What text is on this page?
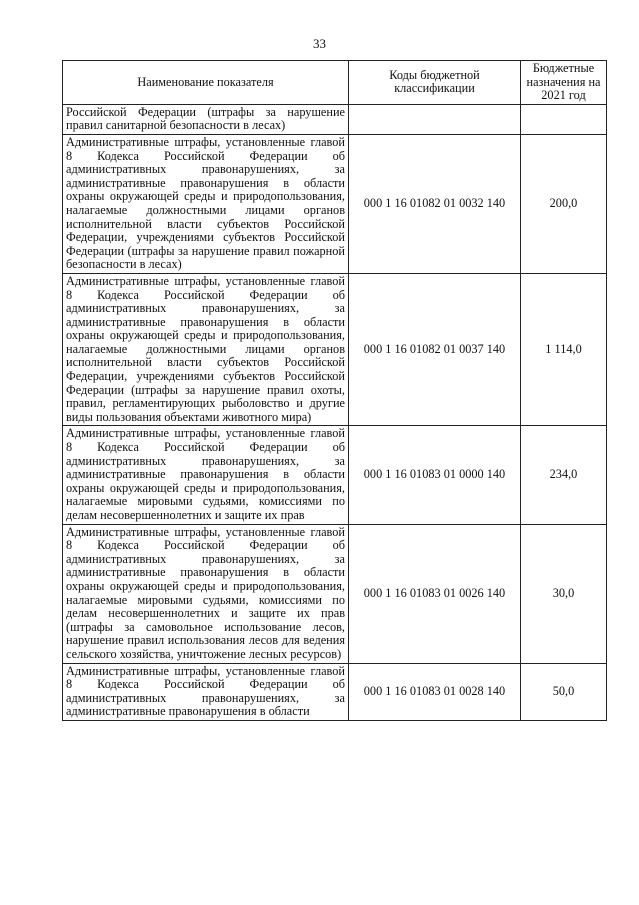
33
Наименование показателя	Коды бюджетной классификации	Бюджетные назначения на 2021 год
Российской Федерации (штрафы за нарушение правил санитарной безопасности в лесах)		
Административные штрафы, установленные главой 8 Кодекса Российской Федерации об административных правонарушениях, за административные правонарушения в области охраны окружающей среды и природопользования, налагаемые должностными лицами органов исполнительной власти субъектов Российской Федерации, учреждениями субъектов Российской Федерации (штрафы за нарушение правил пожарной безопасности в лесах)	000 1 16 01082 01 0032 140	200,0
Административные штрафы, установленные главой 8 Кодекса Российской Федерации об административных правонарушениях, за административные правонарушения в области охраны окружающей среды и природопользования, налагаемые должностными лицами органов исполнительной власти субъектов Российской Федерации, учреждениями субъектов Российской Федерации (штрафы за нарушение правил охоты, правил, регламентирующих рыболовство и другие виды пользования объектами животного мира)	000 1 16 01082 01 0037 140	1 114,0
Административные штрафы, установленные главой 8 Кодекса Российской Федерации об административных правонарушениях, за административные правонарушения в области охраны окружающей среды и природопользования, налагаемые мировыми судьями, комиссиями по делам несовершеннолетних и защите их прав	000 1 16 01083 01 0000 140	234,0
Административные штрафы, установленные главой 8 Кодекса Российской Федерации об административных правонарушениях, за административные правонарушения в области охраны окружающей среды и природопользования, налагаемые мировыми судьями, комиссиями по делам несовершеннолетних и защите их прав (штрафы за самовольное использование лесов, нарушение правил использования лесов для ведения сельского хозяйства, уничтожение лесных ресурсов)	000 1 16 01083 01 0026 140	30,0
Административные штрафы, установленные главой 8 Кодекса Российской Федерации об административных правонарушениях, за административные правонарушения в области	000 1 16 01083 01 0028 140	50,0
